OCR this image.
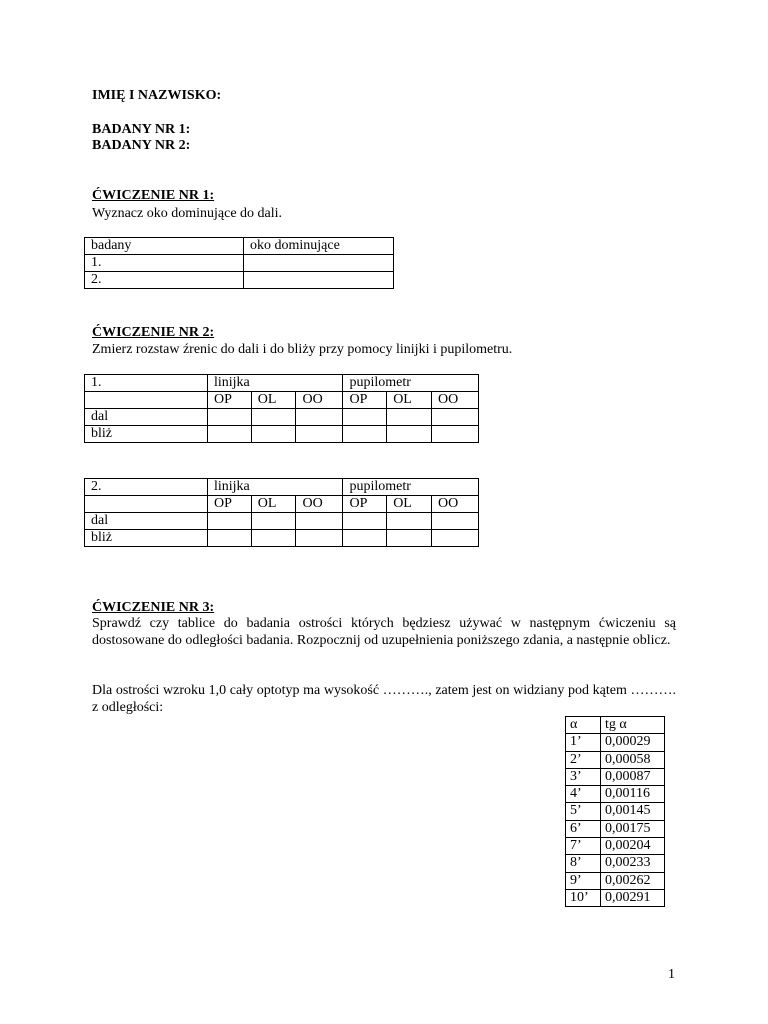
IMIĘ I NAZWISKO:
BADANY NR 1:
BADANY NR 2:
ĆWICZENIE NR 1:
Wyznacz oko dominujące do dali.
badany	oko dominujące
1.	
2.	
ĆWICZENIE NR 2:
Zmierz rozstaw źrenic do dali i do bliży przy pomocy linijki i pupilometru.
1.	linijka			pupilometr		
	OP	OL	OO	OP	OL	OO
dal						
bliż						
2.	linijka			pupilometr		
	OP	OL	OO	OP	OL	OO
dal						
bliż						
ĆWICZENIE NR 3:
Sprawdź czy tablice do badania ostrości których będziesz używać w następnym ćwiczeniu są dostosowane do odległości badania. Rozpocznij od uzupełnienia poniższego zdania, a następnie oblicz.
Dla ostrości wzroku 1,0 cały optotyp ma wysokość ………., zatem jest on widziany pod kątem ………. z odległości:
α	tg α
1’	0,00029
2’	0,00058
3’	0,00087
4’	0,00116
5’	0,00145
6’	0,00175
7’	0,00204
8’	0,00233
9’	0,00262
10’	0,00291
1
